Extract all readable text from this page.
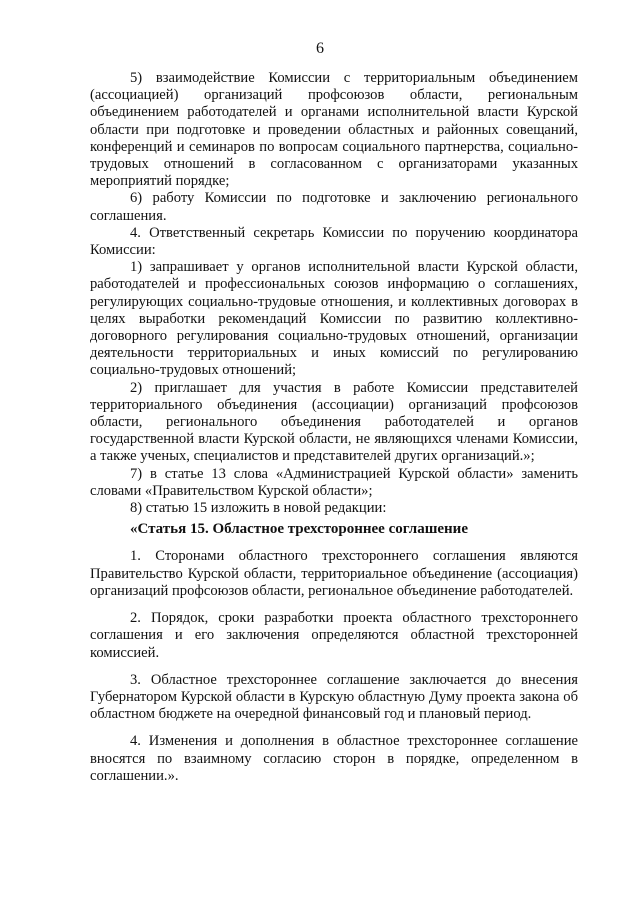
6

5) взаимодействие Комиссии с территориальным объединением (ассоциацией) организаций профсоюзов области, региональным объединением работодателей и органами исполнительной власти Курской области при подготовке и проведении областных и районных совещаний, конференций и семинаров по вопросам социального партнерства, социально-трудовых отношений в согласованном с организаторами указанных мероприятий порядке;

6) работу Комиссии по подготовке и заключению регионального соглашения.

4. Ответственный секретарь Комиссии по поручению координатора Комиссии:

1) запрашивает у органов исполнительной власти Курской области, работодателей и профессиональных союзов информацию о соглашениях, регулирующих социально-трудовые отношения, и коллективных договорах в целях выработки рекомендаций Комиссии по развитию коллективно-договорного регулирования социально-трудовых отношений, организации деятельности территориальных и иных комиссий по регулированию социально-трудовых отношений;

2) приглашает для участия в работе Комиссии представителей территориального объединения (ассоциации) организаций профсоюзов области, регионального объединения работодателей и органов государственной власти Курской области, не являющихся членами Комиссии, а также ученых, специалистов и представителей других организаций.»;

7) в статье 13 слова «Администрацией Курской области» заменить словами «Правительством Курской области»;

8) статью 15 изложить в новой редакции:

«Статья 15. Областное трехстороннее соглашение

1. Сторонами областного трехстороннего соглашения являются Правительство Курской области, территориальное объединение (ассоциация) организаций профсоюзов области, региональное объединение работодателей.

2. Порядок, сроки разработки проекта областного трехстороннего соглашения и его заключения определяются областной трехсторонней комиссией.

3. Областное трехстороннее соглашение заключается до внесения Губернатором Курской области в Курскую областную Думу проекта закона об областном бюджете на очередной финансовый год и плановый период.

4. Изменения и дополнения в областное трехстороннее соглашение вносятся по взаимному согласию сторон в порядке, определенном в соглашении.».
